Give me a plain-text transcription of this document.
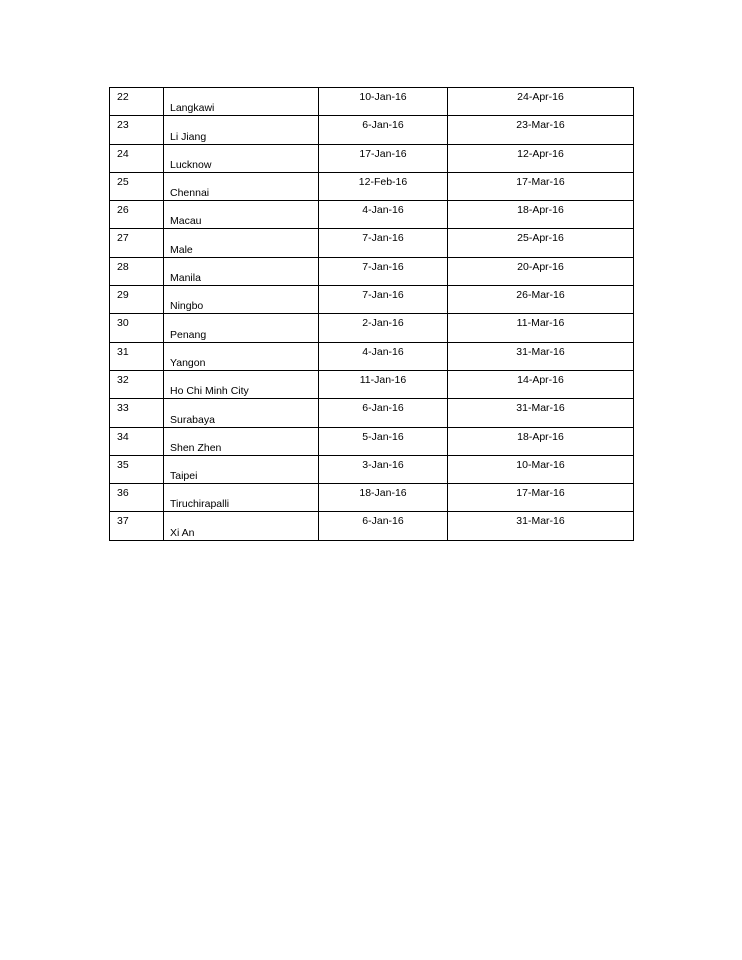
22	Langkawi	10-Jan-16	24-Apr-16

23	Li Jiang	6-Jan-16	23-Mar-16

24	Lucknow	17-Jan-16	12-Apr-16

25	Chennai	12-Feb-16	17-Mar-16

26	Macau	4-Jan-16	18-Apr-16

27	Male	7-Jan-16	25-Apr-16

28	Manila	7-Jan-16	20-Apr-16

29	Ningbo	7-Jan-16	26-Mar-16

30	Penang	2-Jan-16	11-Mar-16

31	Yangon	4-Jan-16	31-Mar-16

32	Ho Chi Minh City	11-Jan-16	14-Apr-16

33	Surabaya	6-Jan-16	31-Mar-16

34	Shen Zhen	5-Jan-16	18-Apr-16

35	Taipei	3-Jan-16	10-Mar-16

36	Tiruchirapalli	18-Jan-16	17-Mar-16

37	Xi An	6-Jan-16	31-Mar-16
